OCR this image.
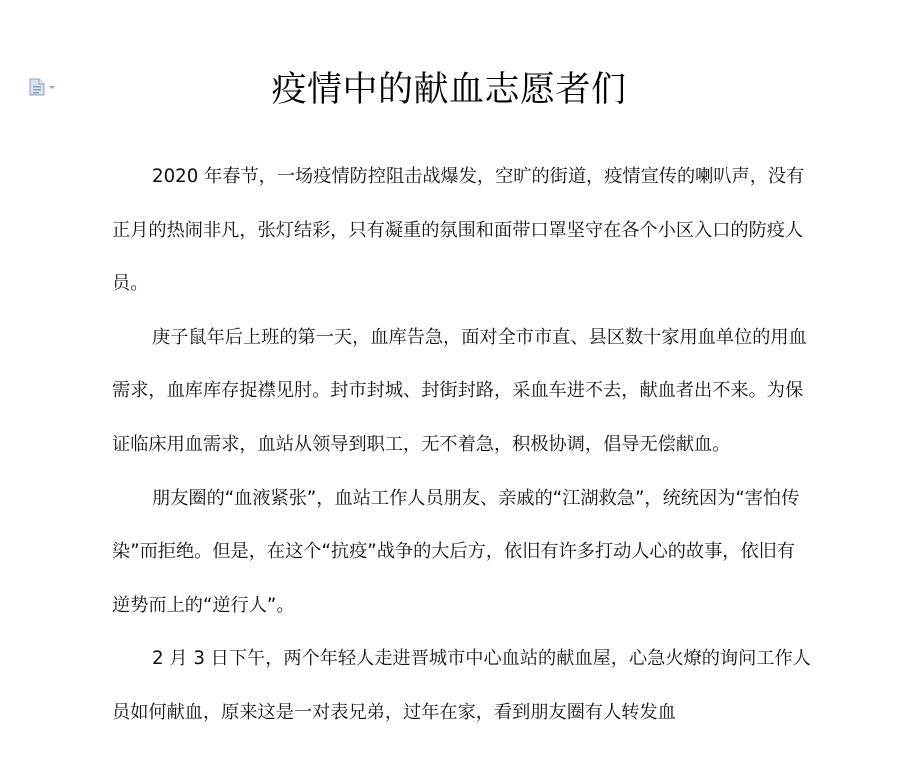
疫情中的献血志愿者们

2020 年春节，一场疫情防控阻击战爆发，空旷的街道，疫情宣传的喇叭声，没有正月的热闹非凡，张灯结彩，只有凝重的氛围和面带口罩坚守在各个小区入口的防疫人员。

庚子鼠年后上班的第一天，血库告急，面对全市市直、县区数十家用血单位的用血需求，血库库存捉襟见肘。封市封城、封街封路，采血车进不去，献血者出不来。为保证临床用血需求，血站从领导到职工，无不着急，积极协调，倡导无偿献血。

朋友圈的“血液紧张”，血站工作人员朋友、亲戚的“江湖救急”，统统因为“害怕传染”而拒绝。但是，在这个“抗疫”战争的大后方，依旧有许多打动人心的故事，依旧有逆势而上的“逆行人”。

2 月 3 日下午，两个年轻人走进晋城市中心血站的献血屋，心急火燎的询问工作人员如何献血，原来这是一对表兄弟，过年在家，看到朋友圈有人转发血
